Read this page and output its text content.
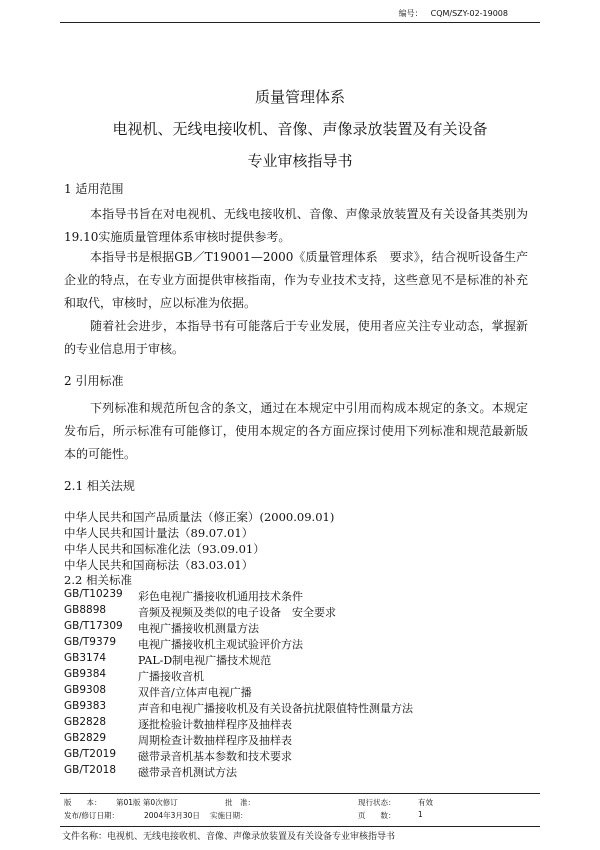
编号： CQM/SZY-02-19008
质量管理体系
电视机、无线电接收机、音像、声像录放装置及有关设备
专业审核指导书
1 适用范围
本指导书旨在对电视机、无线电接收机、音像、声像录放装置及有关设备其类别为19.10实施质量管理体系审核时提供参考。
本指导书是根据GB／T19001—2000《质量管理体系　要求》，结合视听设备生产企业的特点，在专业方面提供审核指南，作为专业技术支持，这些意见不是标准的补充和取代，审核时，应以标准为依据。
随着社会进步，本指导书有可能落后于专业发展，使用者应关注专业动态，掌握新的专业信息用于审核。
2 引用标准
下列标准和规范所包含的条文，通过在本规定中引用而构成本规定的条文。本规定发布后，所示标准有可能修订，使用本规定的各方面应探讨使用下列标准和规范最新版本的可能性。
2.1 相关法规
中华人民共和国产品质量法（修正案）(2000.09.01)
中华人民共和国计量法（89.07.01）
中华人民共和国标准化法（93.09.01）
中华人民共和国商标法（83.03.01）
2.2 相关标准
GB/T10239	彩色电视广播接收机通用技术条件
GB8898	音频及视频及类似的电子设备　安全要求
GB/T17309	电视广播接收机测量方法
GB/T9379	电视广播接收机主观试验评价方法
GB3174	PAL-D制电视广播技术规范
GB9384	广播接收音机
GB9308	双伴音/立体声电视广播
GB9383	声音和电视广播接收机及有关设备抗扰限值特性测量方法
GB2828	逐批检验计数抽样程序及抽样表
GB2829	周期检查计数抽样程序及抽样表
GB/T2019	磁带录音机基本参数和技术要求
GB/T2018	磁带录音机测试方法
版　　本： 第01版 第0次修订	批　准：	现行状态：	有效
发布/修订日期：	2004年3月30日 实施日期：	页　　数：	1
文件名称：电视机、无线电接收机、音像、声像录放装置及有关设备专业审核指导书
